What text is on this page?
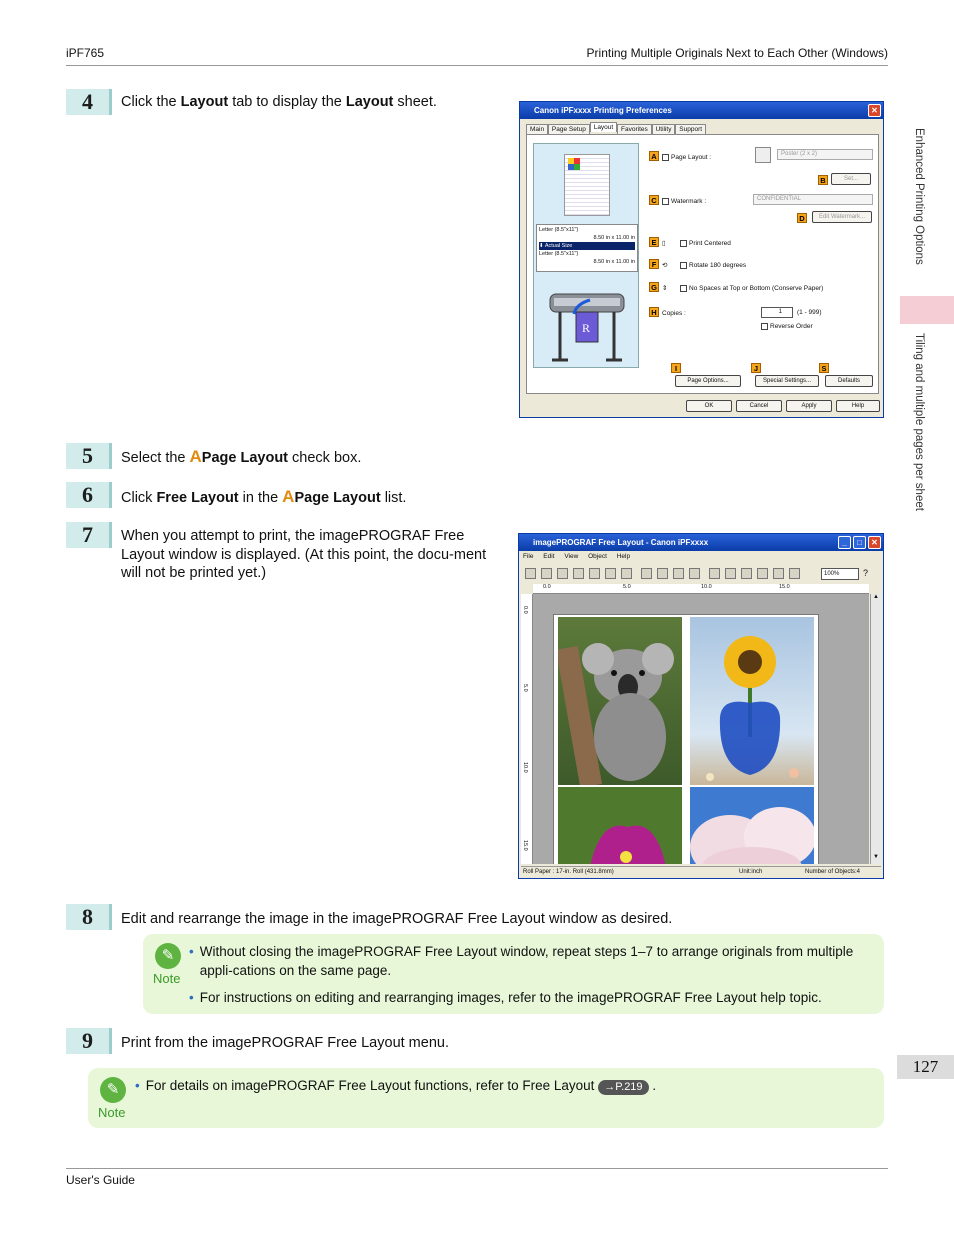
iPF765	Printing Multiple Originals Next to Each Other (Windows)
Enhanced Printing Options
Tiling and multiple pages per sheet
127
User's Guide
4	Click the Layout tab to display the Layout sheet.
Canon iPFxxxx Printing Preferences	✕
Main Page Setup Layout Favorites Utility Support
Letter (8.5"x11")
8.50 in x 11.00 in
⬇ Actual Size
Letter (8.5"x11")
8.50 in x 11.00 in
R
A Page Layout :	Poster (2 x 2)
B	Set...
C Watermark :	CONFIDENTIAL
D	Edit Watermark...
E ▯	Print Centered
F ⟲	Rotate 180 degrees
G ⇕	No Spaces at Top or Bottom (Conserve Paper)
H Copies :	1	(1 - 999)
Reverse Order
I	J	S
Page Options...	Special Settings...	Defaults
OK	Cancel	Apply	Help
5	Select the APage Layout check box.
6	Click Free Layout in the APage Layout list.
7	When you attempt to print, the imagePROGRAF Free Layout window is displayed. (At this point, the docu-ment will not be printed yet.)
imagePROGRAF Free Layout - Canon iPFxxxx	_	□	✕
File Edit View Object Help
100%	?
0.0	5.0	10.0	15.0
0.0
5.0
10.0
15.0
▲
▼
Roll Paper : 17-in. Roll (431.8mm)	Unit:inch	Number of Objects:4
8	Edit and rearrange the image in the imagePROGRAF Free Layout window as desired.
✎
Note
• Without closing the imagePROGRAF Free Layout window, repeat steps 1–7 to arrange originals from multiple appli-cations on the same page.
• For instructions on editing and rearranging images, refer to the imagePROGRAF Free Layout help topic.
9	Print from the imagePROGRAF Free Layout menu.
✎
Note
• For details on imagePROGRAF Free Layout functions, refer to Free Layout →P.219 .
